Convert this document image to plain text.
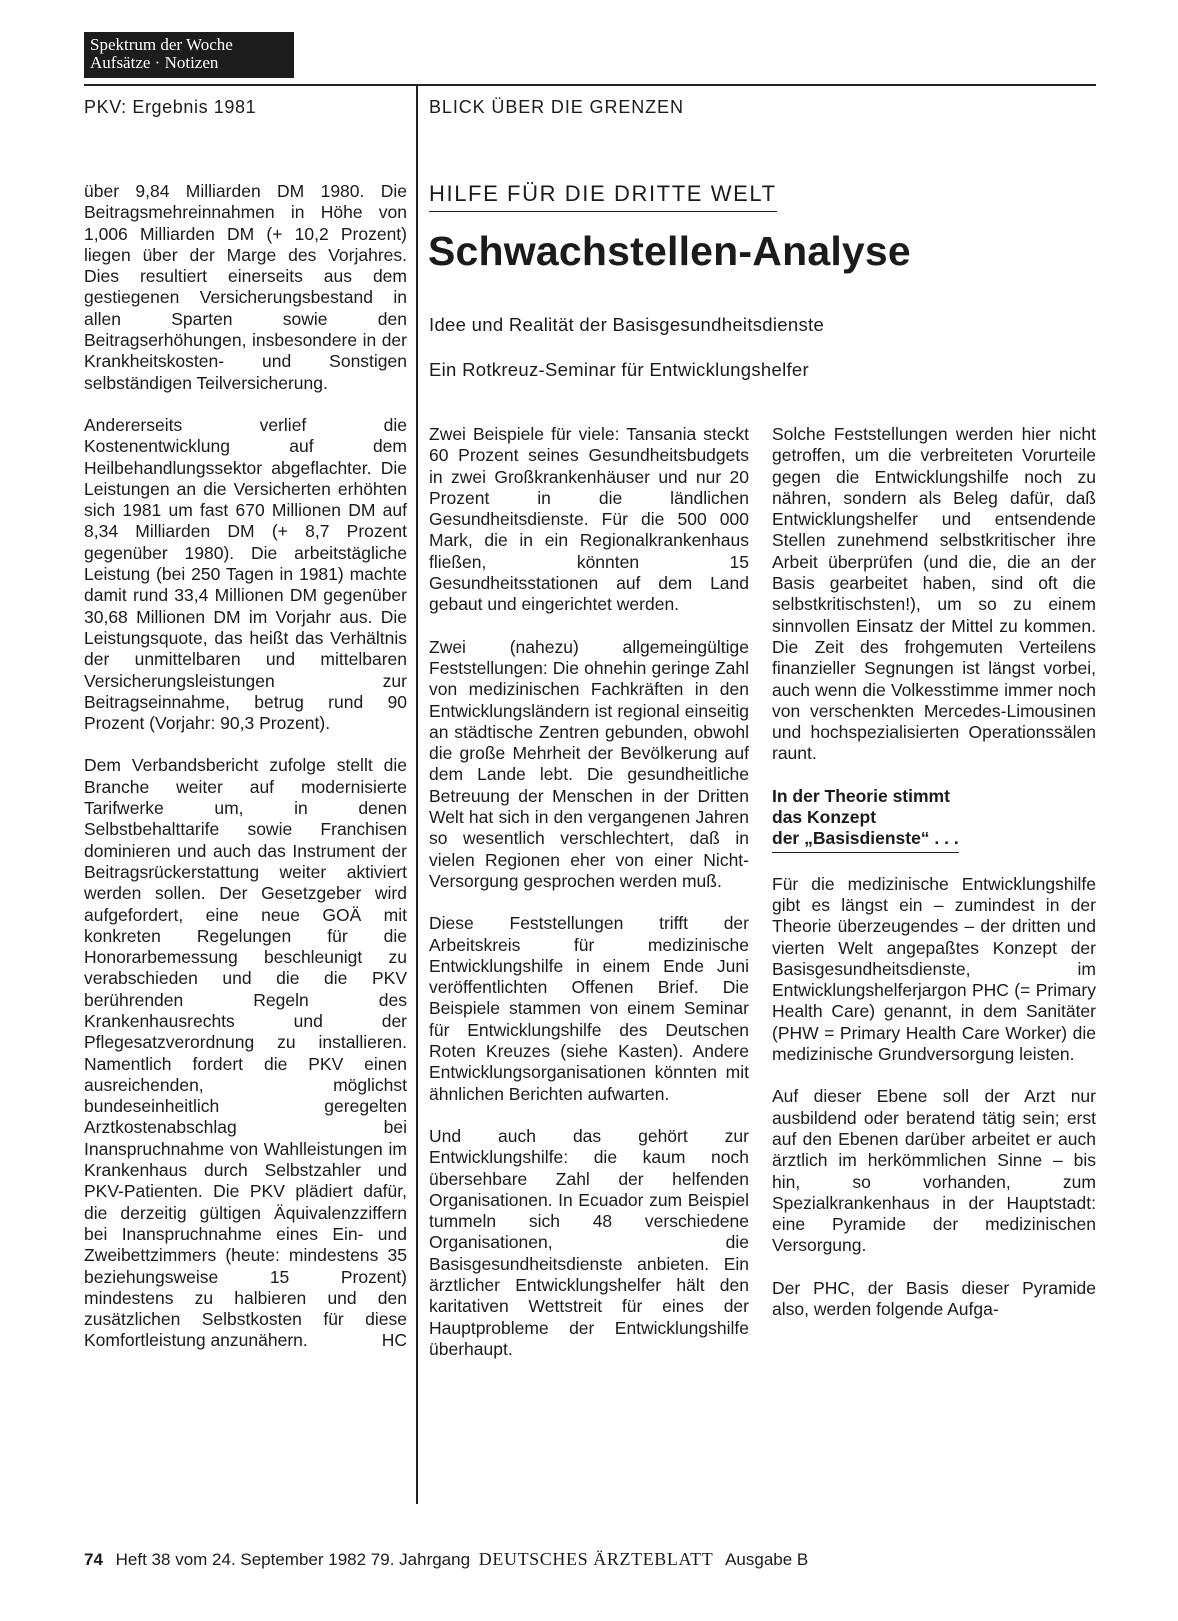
Spektrum der Woche
Aufsätze · Notizen
PKV: Ergebnis 1981	BLICK ÜBER DIE GRENZEN
HILFE FÜR DIE DRITTE WELT
Schwachstellen-Analyse
Idee und Realität der Basisgesundheitsdienste
Ein Rotkreuz-Seminar für Entwicklungshelfer

über 9,84 Milliarden DM 1980. Die Beitragsmehreinnahmen in Höhe von 1,006 Milliarden DM (+ 10,2 Prozent) liegen über der Marge des Vorjahres. Dies resultiert einerseits aus dem gestiegenen Versicherungsbestand in allen Sparten sowie den Beitragserhöhungen, insbesondere in der Krankheitskosten- und Sonstigen selbständigen Teilversicherung.

Andererseits verlief die Kostenentwicklung auf dem Heilbehandlungssektor abgeflachter. Die Leistungen an die Versicherten erhöhten sich 1981 um fast 670 Millionen DM auf 8,34 Milliarden DM (+ 8,7 Prozent gegenüber 1980). Die arbeitstägliche Leistung (bei 250 Tagen in 1981) machte damit rund 33,4 Millionen DM gegenüber 30,68 Millionen DM im Vorjahr aus. Die Leistungsquote, das heißt das Verhältnis der unmittelbaren und mittelbaren Versicherungsleistungen zur Beitragseinnahme, betrug rund 90 Prozent (Vorjahr: 90,3 Prozent).

Dem Verbandsbericht zufolge stellt die Branche weiter auf modernisierte Tarifwerke um, in denen Selbstbehalttarife sowie Franchisen dominieren und auch das Instrument der Beitragsrückerstattung weiter aktiviert werden sollen. Der Gesetzgeber wird aufgefordert, eine neue GOÄ mit konkreten Regelungen für die Honorarbemessung beschleunigt zu verabschieden und die die PKV berührenden Regeln des Krankenhausrechts und der Pflegesatzverordnung zu installieren. Namentlich fordert die PKV einen ausreichenden, möglichst bundeseinheitlich geregelten Arztkostenabschlag bei Inanspruchnahme von Wahlleistungen im Krankenhaus durch Selbstzahler und PKV-Patienten. Die PKV plädiert dafür, die derzeitig gültigen Äquivalenzziffern bei Inanspruchnahme eines Ein- und Zweibettzimmers (heute: mindestens 35 beziehungsweise 15 Prozent) mindestens zu halbieren und den zusätzlichen Selbstkosten für diese Komfortleistung anzunähern.	HC

Zwei Beispiele für viele: Tansania steckt 60 Prozent seines Gesundheitsbudgets in zwei Großkrankenhäuser und nur 20 Prozent in die ländlichen Gesundheitsdienste. Für die 500 000 Mark, die in ein Regionalkrankenhaus fließen, könnten 15 Gesundheitsstationen auf dem Land gebaut und eingerichtet werden.

Zwei (nahezu) allgemeingültige Feststellungen: Die ohnehin geringe Zahl von medizinischen Fachkräften in den Entwicklungsländern ist regional einseitig an städtische Zentren gebunden, obwohl die große Mehrheit der Bevölkerung auf dem Lande lebt. Die gesundheitliche Betreuung der Menschen in der Dritten Welt hat sich in den vergangenen Jahren so wesentlich verschlechtert, daß in vielen Regionen eher von einer Nicht-Versorgung gesprochen werden muß.

Diese Feststellungen trifft der Arbeitskreis für medizinische Entwicklungshilfe in einem Ende Juni veröffentlichten Offenen Brief. Die Beispiele stammen von einem Seminar für Entwicklungshilfe des Deutschen Roten Kreuzes (siehe Kasten). Andere Entwicklungsorganisationen könnten mit ähnlichen Berichten aufwarten.

Und auch das gehört zur Entwicklungshilfe: die kaum noch übersehbare Zahl der helfenden Organisationen. In Ecuador zum Beispiel tummeln sich 48 verschiedene Organisationen, die Basisgesundheitsdienste anbieten. Ein ärztlicher Entwicklungshelfer hält den karitativen Wettstreit für eines der Hauptprobleme der Entwicklungshilfe überhaupt.

Solche Feststellungen werden hier nicht getroffen, um die verbreiteten Vorurteile gegen die Entwicklungshilfe noch zu nähren, sondern als Beleg dafür, daß Entwicklungshelfer und entsendende Stellen zunehmend selbstkritischer ihre Arbeit überprüfen (und die, die an der Basis gearbeitet haben, sind oft die selbstkritischsten!), um so zu einem sinnvollen Einsatz der Mittel zu kommen. Die Zeit des frohgemuten Verteilens finanzieller Segnungen ist längst vorbei, auch wenn die Volkesstimme immer noch von verschenkten Mercedes-Limousinen und hochspezialisierten Operationssälen raunt.

In der Theorie stimmt
das Konzept
der „Basisdienste“ . . .

Für die medizinische Entwicklungshilfe gibt es längst ein – zumindest in der Theorie überzeugendes – der dritten und vierten Welt angepaßtes Konzept der Basisgesundheitsdienste, im Entwicklungshelferjargon PHC (= Primary Health Care) genannt, in dem Sanitäter (PHW = Primary Health Care Worker) die medizinische Grundversorgung leisten.

Auf dieser Ebene soll der Arzt nur ausbildend oder beratend tätig sein; erst auf den Ebenen darüber arbeitet er auch ärztlich im herkömmlichen Sinne – bis hin, so vorhanden, zum Spezialkrankenhaus in der Hauptstadt: eine Pyramide der medizinischen Versorgung.

Der PHC, der Basis dieser Pyramide also, werden folgende Aufga-

74 Heft 38 vom 24. September 1982 79. Jahrgang DEUTSCHES ÄRZTEBLATT Ausgabe B
